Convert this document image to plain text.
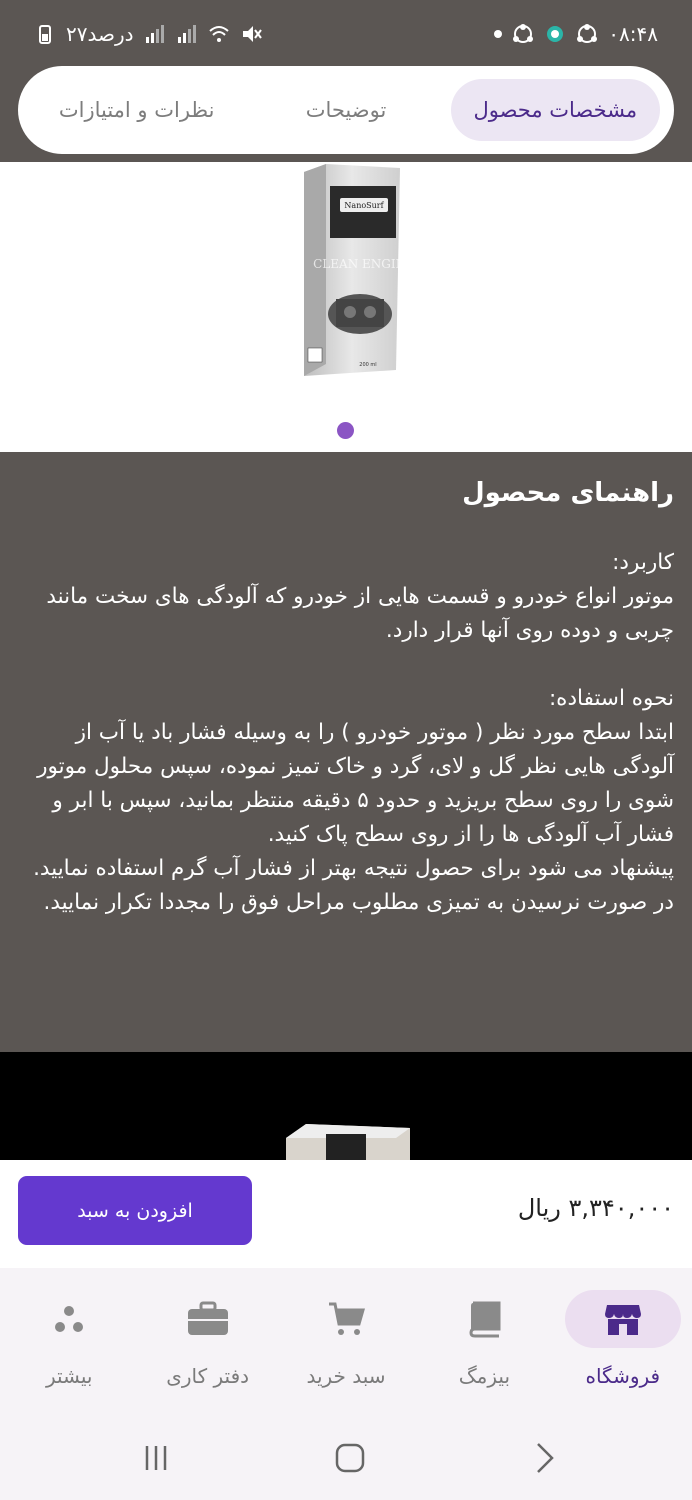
۰۸:۴۸
۲۷درصد
مشخصات محصول
توضیحات
نظرات و امتیازات
NanoSurf
CLEAN ENGINE
200 ml
راهنمای محصول
کاربرد:
موتور انواع خودرو و قسمت هایی از خودرو که آلودگی های سخت مانند چربی و دوده روی آنها قرار دارد.
نحوه استفاده:
ابتدا سطح مورد نظر ( موتور خودرو ) را به وسیله فشار باد یا آب از آلودگی هایی نظر گل و لای، گرد و خاک تمیز نموده، سپس محلول موتور شوی را روی سطح بریزید و حدود ۵ دقیقه منتظر بمانید، سپس با ابر و فشار آب آلودگی ها را از روی سطح پاک کنید.
پیشنهاد می شود برای حصول نتیجه بهتر از فشار آب گرم استفاده نمایید.
در صورت نرسیدن به تمیزی مطلوب مراحل فوق را مجددا تکرار نمایید.
۳,۳۴۰,۰۰۰ ریال
افزودن به سبد
فروشگاه
بیزمگ
سبد خرید
دفتر کاری
بیشتر
